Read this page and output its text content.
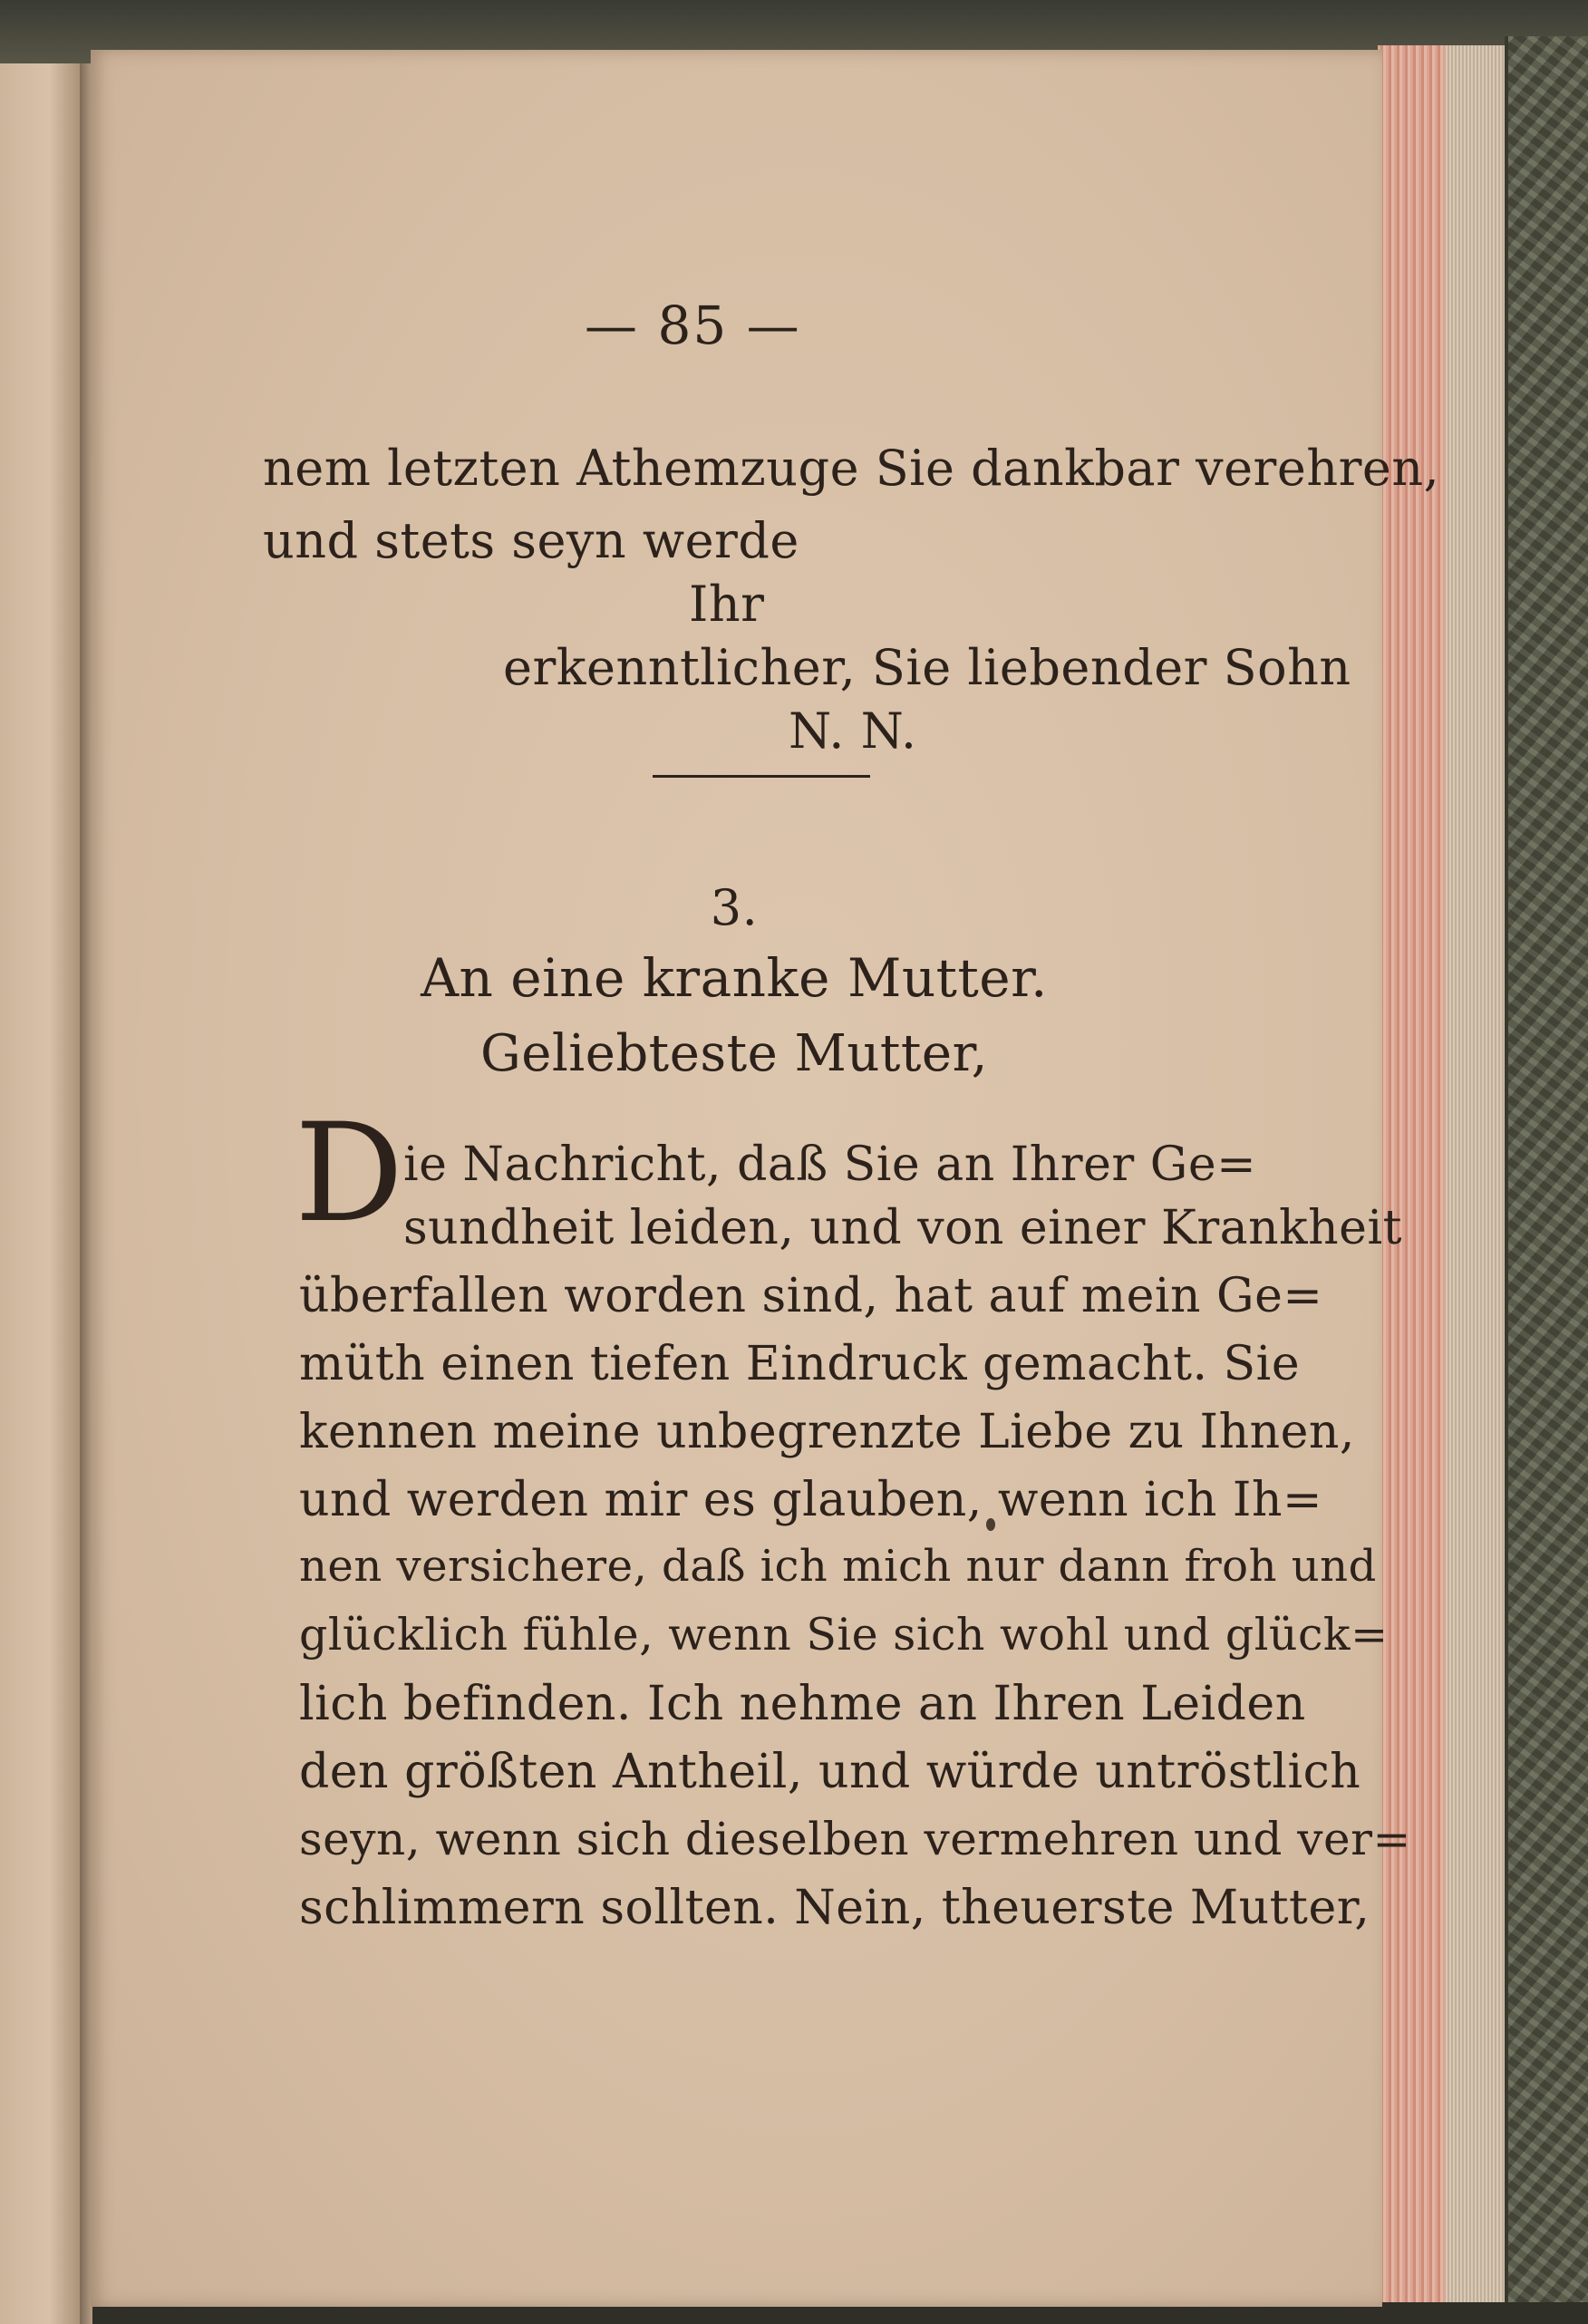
— 85 —
nem letzten Athemzuge Sie dankbar verehren,
und stets seyn werde
Ihr
erkenntlicher, Sie liebender Sohn
N. N.
3.
An eine kranke Mutter.
Geliebteste Mutter,
D ie Nachricht, daß Sie an Ihrer Ge=
sundheit leiden, und von einer Krankheit
überfallen worden sind, hat auf mein Ge=
müth einen tiefen Eindruck gemacht. Sie
kennen meine unbegrenzte Liebe zu Ihnen,
und werden mir es glauben, wenn ich Ih=
nen versichere, daß ich mich nur dann froh und
glücklich fühle, wenn Sie sich wohl und glück=
lich befinden. Ich nehme an Ihren Leiden
den größten Antheil, und würde untröstlich
seyn, wenn sich dieselben vermehren und ver=
schlimmern sollten. Nein, theuerste Mutter,
